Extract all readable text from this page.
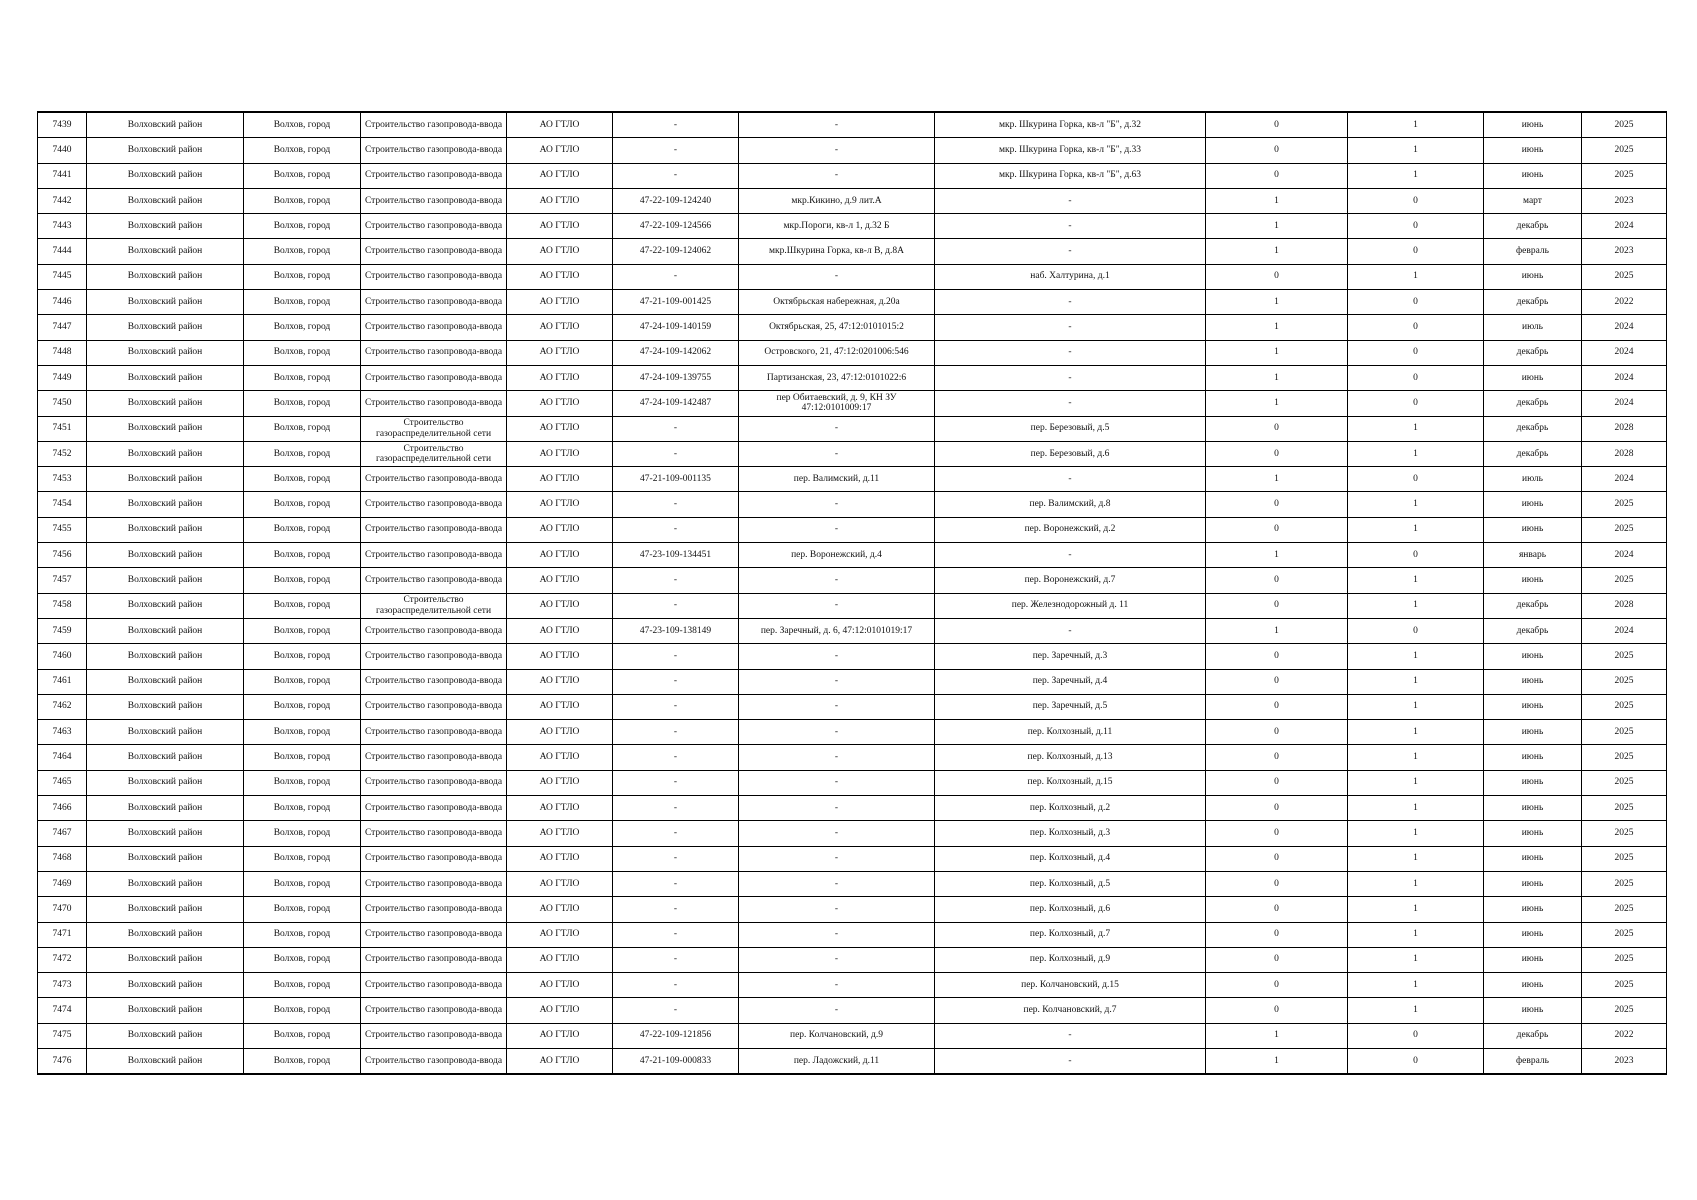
7439	Волховский район	Волхов, город	Строительство газопровода-ввода	АО ГТЛО	-	-	мкр. Шкурина Горка, кв-л "Б", д.32	0	1	июнь	2025
7440	Волховский район	Волхов, город	Строительство газопровода-ввода	АО ГТЛО	-	-	мкр. Шкурина Горка, кв-л "Б", д.33	0	1	июнь	2025
7441	Волховский район	Волхов, город	Строительство газопровода-ввода	АО ГТЛО	-	-	мкр. Шкурина Горка, кв-л "Б", д.63	0	1	июнь	2025
7442	Волховский район	Волхов, город	Строительство газопровода-ввода	АО ГТЛО	47-22-109-124240	мкр.Кикино, д.9 лит.А	-	1	0	март	2023
7443	Волховский район	Волхов, город	Строительство газопровода-ввода	АО ГТЛО	47-22-109-124566	мкр.Пороги, кв-л 1, д.32 Б	-	1	0	декабрь	2024
7444	Волховский район	Волхов, город	Строительство газопровода-ввода	АО ГТЛО	47-22-109-124062	мкр.Шкурина Горка, кв-л В, д.8А	-	1	0	февраль	2023
7445	Волховский район	Волхов, город	Строительство газопровода-ввода	АО ГТЛО	-	-	наб. Халтурина, д.1	0	1	июнь	2025
7446	Волховский район	Волхов, город	Строительство газопровода-ввода	АО ГТЛО	47-21-109-001425	Октябрьская набережная, д.20а	-	1	0	декабрь	2022
7447	Волховский район	Волхов, город	Строительство газопровода-ввода	АО ГТЛО	47-24-109-140159	Октябрьская, 25, 47:12:0101015:2	-	1	0	июль	2024
7448	Волховский район	Волхов, город	Строительство газопровода-ввода	АО ГТЛО	47-24-109-142062	Островского, 21, 47:12:0201006:546	-	1	0	декабрь	2024
7449	Волховский район	Волхов, город	Строительство газопровода-ввода	АО ГТЛО	47-24-109-139755	Партизанская, 23, 47:12:0101022:6	-	1	0	июнь	2024
7450	Волховский район	Волхов, город	Строительство газопровода-ввода	АО ГТЛО	47-24-109-142487	пер Обитаевский, д. 9, КН ЗУ 47:12:0101009:17	-	1	0	декабрь	2024
7451	Волховский район	Волхов, город	Строительство газораспределительной сети	АО ГТЛО	-	-	пер. Березовый, д.5	0	1	декабрь	2028
7452	Волховский район	Волхов, город	Строительство газораспределительной сети	АО ГТЛО	-	-	пер. Березовый, д.6	0	1	декабрь	2028
7453	Волховский район	Волхов, город	Строительство газопровода-ввода	АО ГТЛО	47-21-109-001135	пер. Валимский, д.11	-	1	0	июль	2024
7454	Волховский район	Волхов, город	Строительство газопровода-ввода	АО ГТЛО	-	-	пер. Валимский, д.8	0	1	июнь	2025
7455	Волховский район	Волхов, город	Строительство газопровода-ввода	АО ГТЛО	-	-	пер. Воронежский, д.2	0	1	июнь	2025
7456	Волховский район	Волхов, город	Строительство газопровода-ввода	АО ГТЛО	47-23-109-134451	пер. Воронежский, д.4	-	1	0	январь	2024
7457	Волховский район	Волхов, город	Строительство газопровода-ввода	АО ГТЛО	-	-	пер. Воронежский, д.7	0	1	июнь	2025
7458	Волховский район	Волхов, город	Строительство газораспределительной сети	АО ГТЛО	-	-	пер. Железнодорожный д. 11	0	1	декабрь	2028
7459	Волховский район	Волхов, город	Строительство газопровода-ввода	АО ГТЛО	47-23-109-138149	пер. Заречный, д. 6, 47:12:0101019:17	-	1	0	декабрь	2024
7460	Волховский район	Волхов, город	Строительство газопровода-ввода	АО ГТЛО	-	-	пер. Заречный, д.3	0	1	июнь	2025
7461	Волховский район	Волхов, город	Строительство газопровода-ввода	АО ГТЛО	-	-	пер. Заречный, д.4	0	1	июнь	2025
7462	Волховский район	Волхов, город	Строительство газопровода-ввода	АО ГТЛО	-	-	пер. Заречный, д.5	0	1	июнь	2025
7463	Волховский район	Волхов, город	Строительство газопровода-ввода	АО ГТЛО	-	-	пер. Колхозный, д.11	0	1	июнь	2025
7464	Волховский район	Волхов, город	Строительство газопровода-ввода	АО ГТЛО	-	-	пер. Колхозный, д.13	0	1	июнь	2025
7465	Волховский район	Волхов, город	Строительство газопровода-ввода	АО ГТЛО	-	-	пер. Колхозный, д.15	0	1	июнь	2025
7466	Волховский район	Волхов, город	Строительство газопровода-ввода	АО ГТЛО	-	-	пер. Колхозный, д.2	0	1	июнь	2025
7467	Волховский район	Волхов, город	Строительство газопровода-ввода	АО ГТЛО	-	-	пер. Колхозный, д.3	0	1	июнь	2025
7468	Волховский район	Волхов, город	Строительство газопровода-ввода	АО ГТЛО	-	-	пер. Колхозный, д.4	0	1	июнь	2025
7469	Волховский район	Волхов, город	Строительство газопровода-ввода	АО ГТЛО	-	-	пер. Колхозный, д.5	0	1	июнь	2025
7470	Волховский район	Волхов, город	Строительство газопровода-ввода	АО ГТЛО	-	-	пер. Колхозный, д.6	0	1	июнь	2025
7471	Волховский район	Волхов, город	Строительство газопровода-ввода	АО ГТЛО	-	-	пер. Колхозный, д.7	0	1	июнь	2025
7472	Волховский район	Волхов, город	Строительство газопровода-ввода	АО ГТЛО	-	-	пер. Колхозный, д.9	0	1	июнь	2025
7473	Волховский район	Волхов, город	Строительство газопровода-ввода	АО ГТЛО	-	-	пер. Колчановский, д.15	0	1	июнь	2025
7474	Волховский район	Волхов, город	Строительство газопровода-ввода	АО ГТЛО	-	-	пер. Колчановский, д.7	0	1	июнь	2025
7475	Волховский район	Волхов, город	Строительство газопровода-ввода	АО ГТЛО	47-22-109-121856	пер. Колчановский, д.9	-	1	0	декабрь	2022
7476	Волховский район	Волхов, город	Строительство газопровода-ввода	АО ГТЛО	47-21-109-000833	пер. Ладожский, д.11	-	1	0	февраль	2023
